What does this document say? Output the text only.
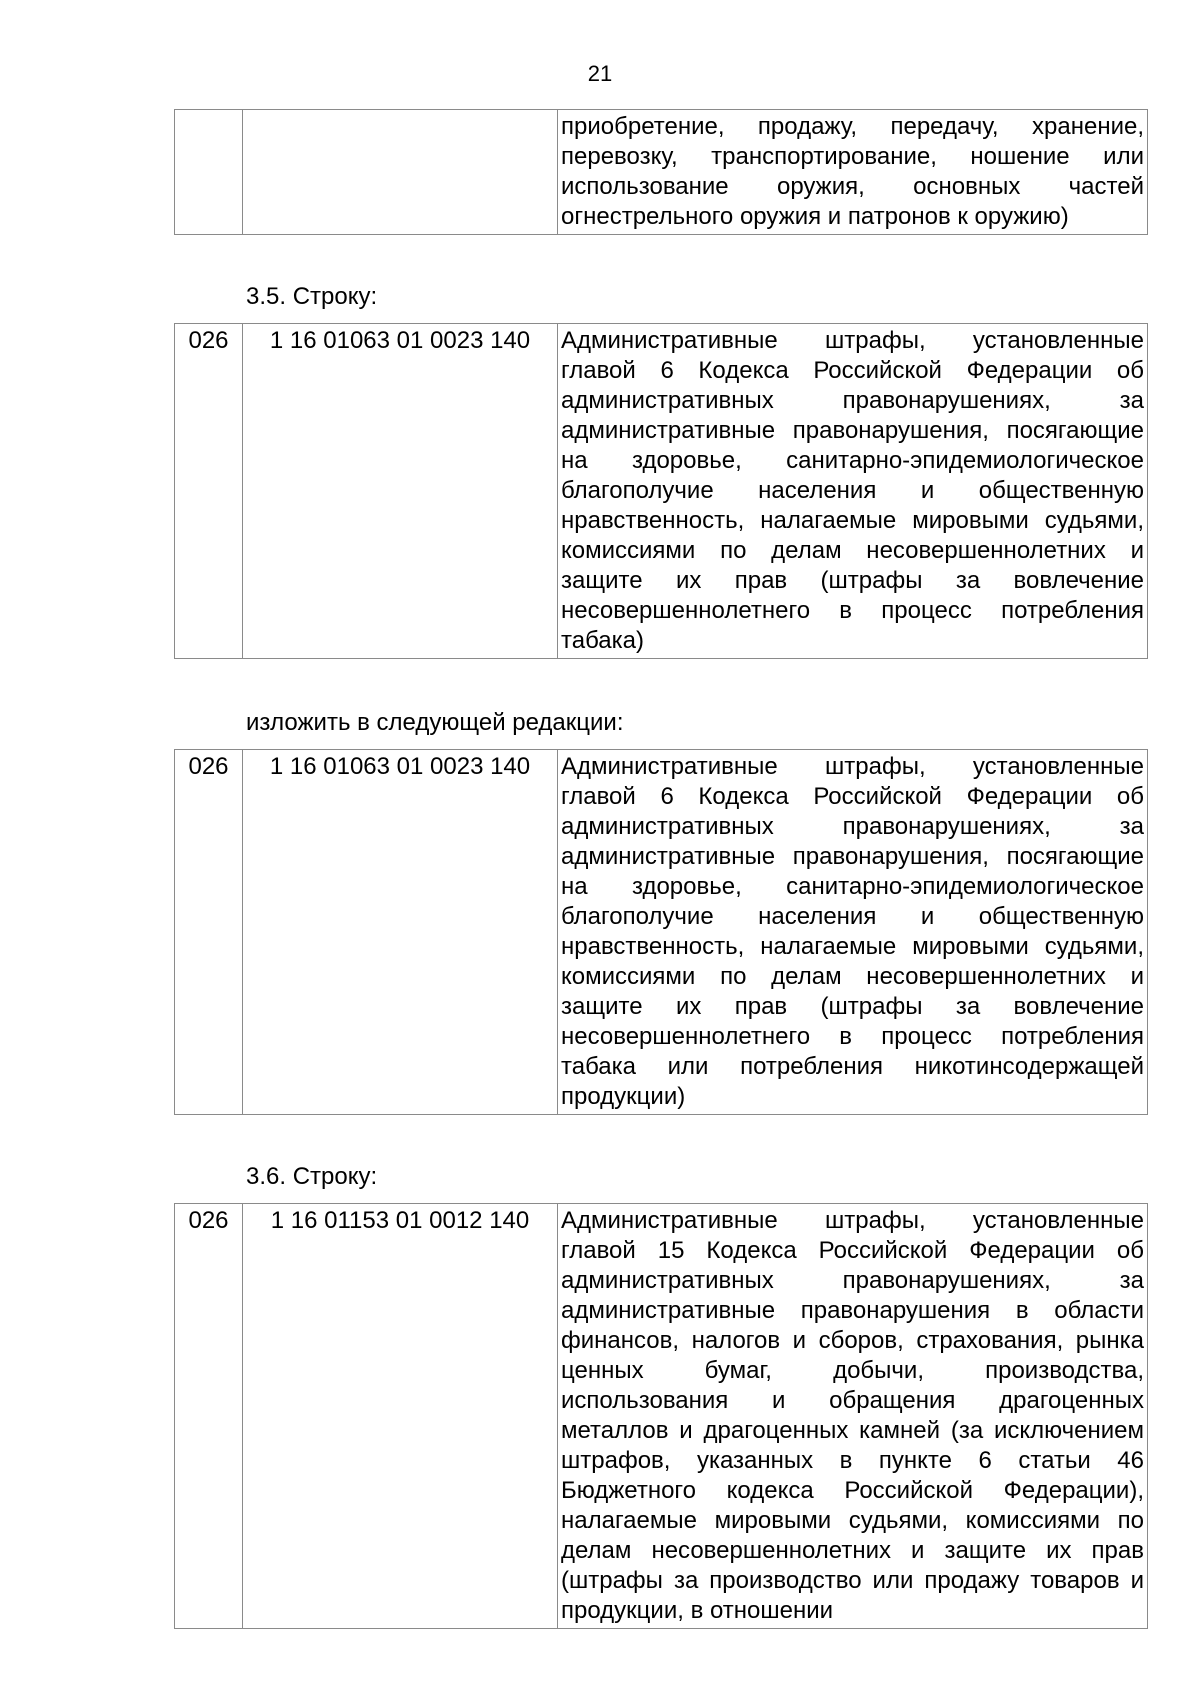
21
		приобретение, продажу, передачу, хранение, перевозку, транспортирование, ношение или использование оружия, основных частей огнестрельного оружия и патронов к оружию)
3.5. Строку:
026	1 16 01063 01 0023 140	Административные штрафы, установленные главой 6 Кодекса Российской Федерации об административных правонарушениях, за административные правонарушения, посягающие на здоровье, санитарно-эпидемиологическое благополучие населения и общественную нравственность, налагаемые мировыми судьями, комиссиями по делам несовершеннолетних и защите их прав (штрафы за вовлечение несовершеннолетнего в процесс потребления табака)
изложить в следующей редакции:
026	1 16 01063 01 0023 140	Административные штрафы, установленные главой 6 Кодекса Российской Федерации об административных правонарушениях, за административные правонарушения, посягающие на здоровье, санитарно-эпидемиологическое благополучие населения и общественную нравственность, налагаемые мировыми судьями, комиссиями по делам несовершеннолетних и защите их прав (штрафы за вовлечение несовершеннолетнего в процесс потребления табака или потребления никотинсодержащей продукции)
3.6. Строку:
026	1 16 01153 01 0012 140	Административные штрафы, установленные главой 15 Кодекса Российской Федерации об административных правонарушениях, за административные правонарушения в области финансов, налогов и сборов, страхования, рынка ценных бумаг, добычи, производства, использования и обращения драгоценных металлов и драгоценных камней (за исключением штрафов, указанных в пункте 6 статьи 46 Бюджетного кодекса Российской Федерации), налагаемые мировыми судьями, комиссиями по делам несовершеннолетних и защите их прав (штрафы за производство или продажу товаров и продукции, в отношении
